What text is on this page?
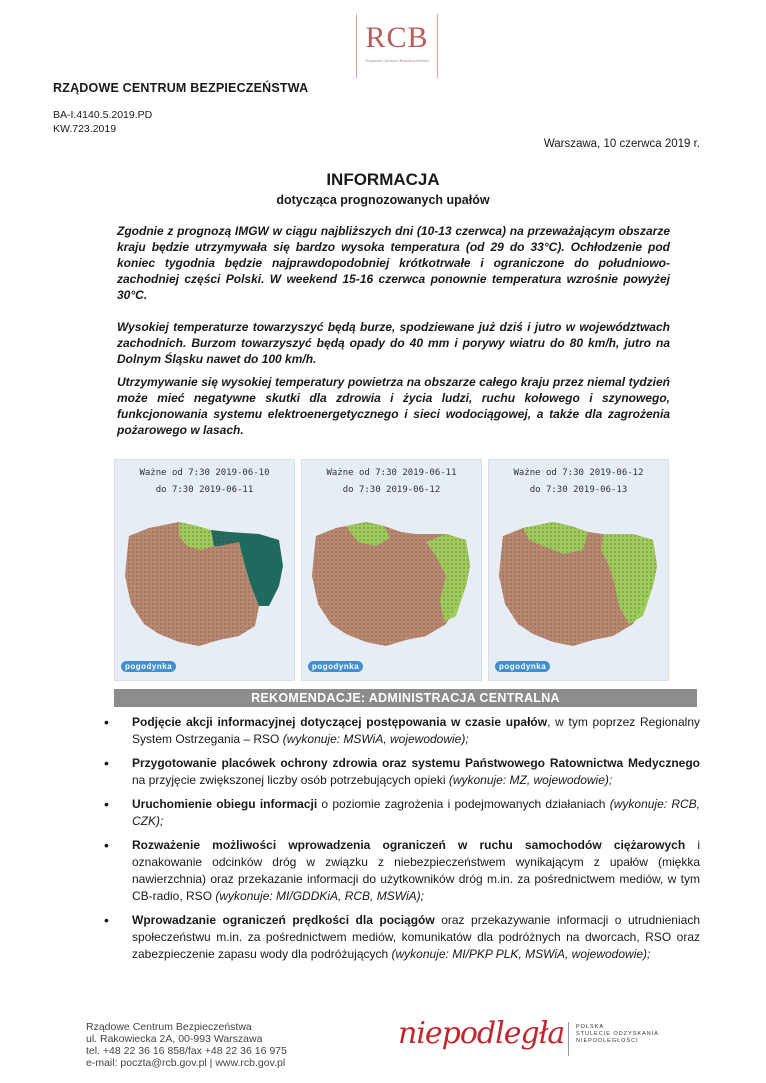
RCB
Rządowe Centrum Bezpieczeństwa
RZĄDOWE CENTRUM BEZPIECZEŃSTWA
BA-I.4140.5.2019.PD
KW.723.2019
Warszawa, 10 czerwca 2019 r.
INFORMACJA
dotycząca prognozowanych upałów
Zgodnie z prognozą IMGW w ciągu najbliższych dni (10-13 czerwca) na przeważającym obszarze kraju będzie utrzymywała się bardzo wysoka temperatura (od 29 do 33°C). Ochłodzenie pod koniec tygodnia będzie najprawdopodobniej krótkotrwałe i ograniczone do południowo-zachodniej części Polski. W weekend 15-16 czerwca ponownie temperatura wzrośnie powyżej 30°C.
Wysokiej temperaturze towarzyszyć będą burze, spodziewane już dziś i jutro w województwach zachodnich. Burzom towarzyszyć będą opady do 40 mm i porywy wiatru do 80 km/h, jutro na Dolnym Śląsku nawet do 100 km/h.
Utrzymywanie się wysokiej temperatury powietrza na obszarze całego kraju przez niemal tydzień może mieć negatywne skutki dla zdrowia i życia ludzi, ruchu kołowego i szynowego, funkcjonowania systemu elektroenergetycznego i sieci wodociągowej, a także dla zagrożenia pożarowego w lasach.
Ważne od 7:30 2019-06-10
do 7:30 2019-06-11
pogodynka
Ważne od 7:30 2019-06-11
do 7:30 2019-06-12
pogodynka
Ważne od 7:30 2019-06-12
do 7:30 2019-06-13
pogodynka
REKOMENDACJE: ADMINISTRACJA CENTRALNA
• Podjęcie akcji informacyjnej dotyczącej postępowania w czasie upałów, w tym poprzez Regionalny System Ostrzegania – RSO (wykonuje: MSWiA, wojewodowie);
• Przygotowanie placówek ochrony zdrowia oraz systemu Państwowego Ratownictwa Medycznego na przyjęcie zwiększonej liczby osób potrzebujących opieki (wykonuje: MZ, wojewodowie);
• Uruchomienie obiegu informacji o poziomie zagrożenia i podejmowanych działaniach (wykonuje: RCB, CZK);
• Rozważenie możliwości wprowadzenia ograniczeń w ruchu samochodów ciężarowych i oznakowanie odcinków dróg w związku z niebezpieczeństwem wynikającym z upałów (miękka nawierzchnia) oraz przekazanie informacji do użytkowników dróg m.in. za pośrednictwem mediów, w tym CB-radio, RSO (wykonuje: MI/GDDKiA, RCB, MSWiA);
• Wprowadzanie ograniczeń prędkości dla pociągów oraz przekazywanie informacji o utrudnieniach społeczeństwu m.in. za pośrednictwem mediów, komunikatów dla podróżnych na dworcach, RSO oraz zabezpieczenie zapasu wody dla podróżujących (wykonuje: MI/PKP PLK, MSWiA, wojewodowie);
Rządowe Centrum Bezpieczeństwa
ul. Rakowiecka 2A, 00-993 Warszawa
tel. +48 22 36 16 858/fax +48 22 36 16 975
e-mail: poczta@rcb.gov.pl | www.rcb.gov.pl
niepodległa POLSKA
STULECIE ODZYSKANIA
NIEPODLEGŁOŚCI
